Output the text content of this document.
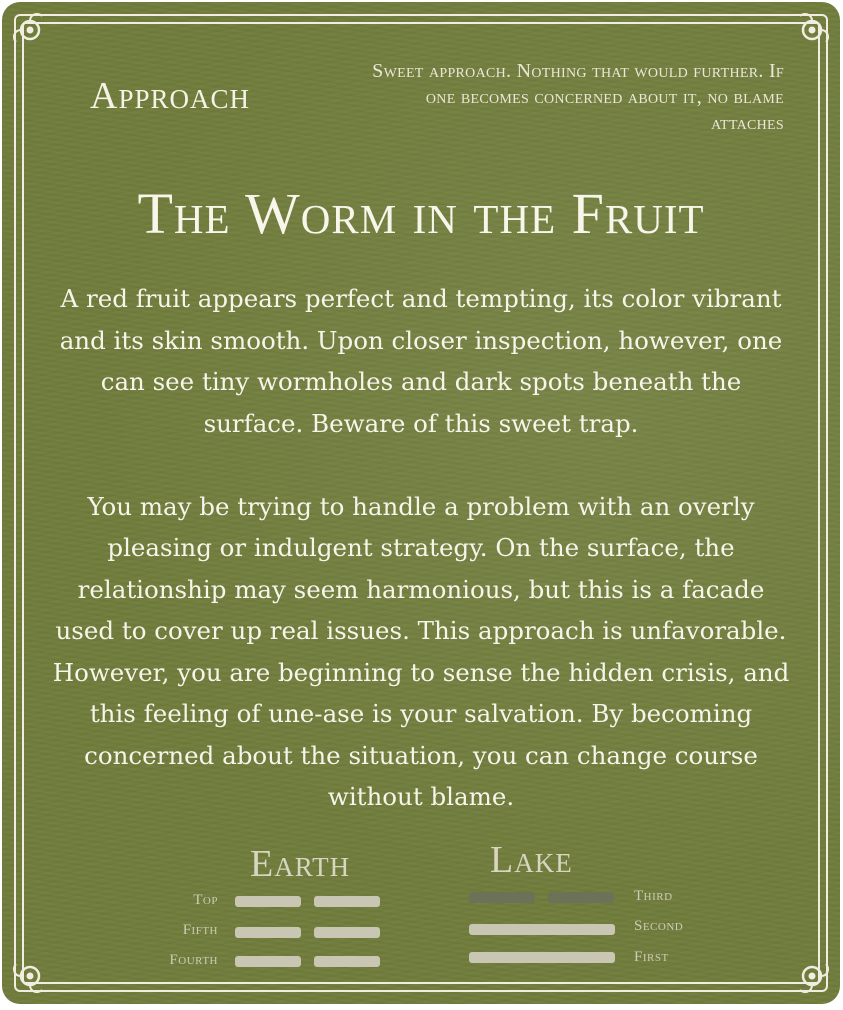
Approach
Sweet approach. Nothing that would further. If one becomes concerned about it, no blame attaches
The Worm in the Fruit

A red fruit appears perfect and tempting, its color vibrant and its skin smooth. Upon closer inspection, however, one can see tiny wormholes and dark spots beneath the surface. Beware of this sweet trap.

You may be trying to handle a problem with an overly pleasing or indulgent strategy. On the surface, the relationship may seem harmonious, but this is a facade used to cover up real issues. This approach is unfavorable. However, you are beginning to sense the hidden crisis, and this feeling of une-ase is your salvation. By becoming concerned about the situation, you can change course without blame.

Earth
Top
Fifth
Fourth
Lake
Third
Second
First
